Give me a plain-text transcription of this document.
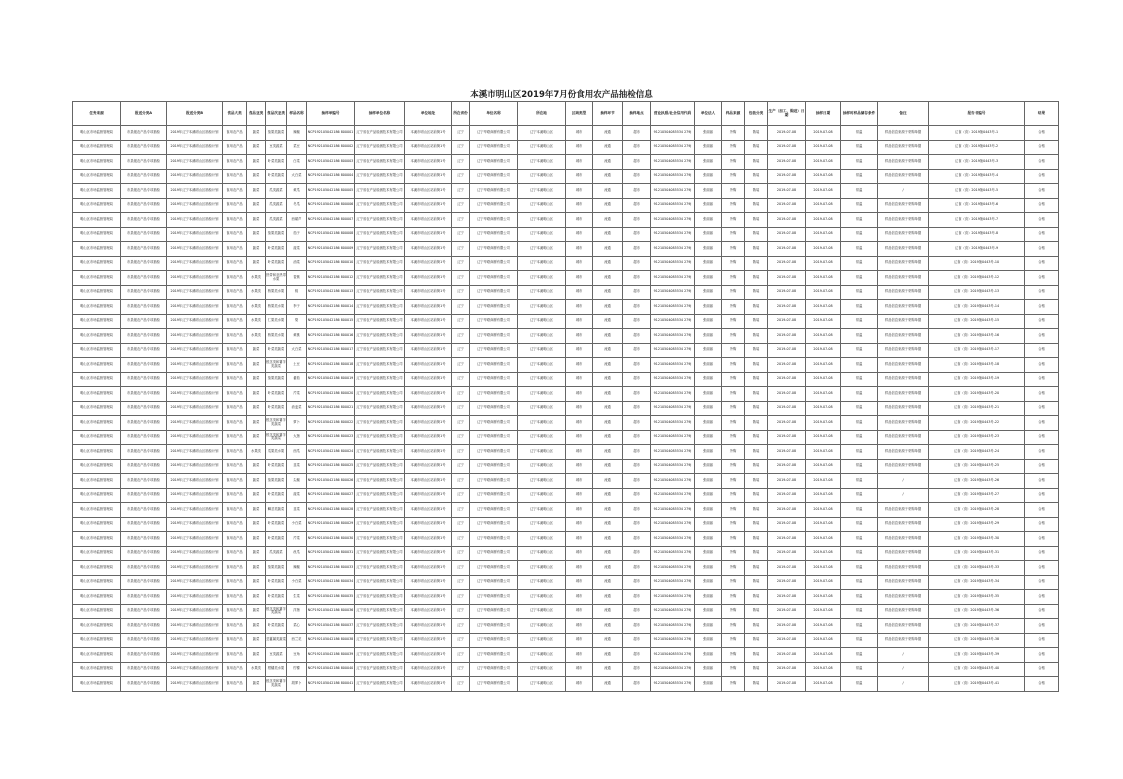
本溪市明山区2019年7月份食用农产品抽检信息
任务来源	报送分类A	报送分类B	食品大类	食品亚类	食品次亚类	样品名称	抽样单编号	抽样单位名称	单位地址	所在省份	单位名称	所在地	区域类型	抽样环节	抽样地点	营业执照/社会信用代码	单位法人	样品来源	包装分类	生产（加工、购进）日期	抽样日期	抽样时样品储存条件	备注	报告书编号	结果
明山区市场监督管理局	市县级农产品专项抽检	2019年辽宁本溪明山区抽检计划	食用农产品	蔬菜	茄果类蔬菜	辣椒	NCP192105042186 800001	辽宁省农产品检测技术有限公司	本溪市明山区站前街1号	辽宁	辽宁华联商厦有限公司	辽宁本溪明山区	城市	流通	超市	91210504085534 279J	张丽丽	外购	散装	2019-07-08	2019-07-08	常温	样品信息来源于采购单据	辽食（食）2019抽0443号-1	合格
明山区市场监督管理局	市县级农产品专项抽检	2019年辽宁本溪明山区抽检计划	食用农产品	蔬菜	豆类蔬菜	菜豆	NCP192105042186 800002	辽宁省农产品检测技术有限公司	本溪市明山区站前街1号	辽宁	辽宁华联商厦有限公司	辽宁本溪明山区	城市	流通	超市	91210504085534 279J	张丽丽	外购	散装	2019-07-08	2019-07-08	常温	样品信息来源于采购单据	辽食（食）2019抽0443号-2	合格
明山区市场监督管理局	市县级农产品专项抽检	2019年辽宁本溪明山区抽检计划	食用农产品	蔬菜	叶菜类蔬菜	白菜	NCP192105042186 800003	辽宁省农产品检测技术有限公司	本溪市明山区站前街1号	辽宁	辽宁华联商厦有限公司	辽宁本溪明山区	城市	流通	超市	91210504085534 279J	张丽丽	外购	散装	2019-07-08	2019-07-08	常温	样品信息来源于采购单据	辽食（食）2019抽0443号-3	合格
明山区市场监督管理局	市县级农产品专项抽检	2019年辽宁本溪明山区抽检计划	食用农产品	蔬菜	叶菜类蔬菜	大白菜	NCP192105042186 800004	辽宁省农产品检测技术有限公司	本溪市明山区站前街1号	辽宁	辽宁华联商厦有限公司	辽宁本溪明山区	城市	流通	超市	91210504085534 279J	张丽丽	外购	散装	2019-07-08	2019-07-08	常温	样品信息来源于采购单据	辽食（食）2019抽0443号-4	合格
明山区市场监督管理局	市县级农产品专项抽检	2019年辽宁本溪明山区抽检计划	食用农产品	蔬菜	瓜类蔬菜	黄瓜	NCP192105042186 800005	辽宁省农产品检测技术有限公司	本溪市明山区站前街1号	辽宁	辽宁华联商厦有限公司	辽宁本溪明山区	城市	流通	超市	91210504085534 279J	张丽丽	外购	散装	2019-07-08	2019-07-08	常温	/	辽食（食）2019抽0443号-5	合格
明山区市场监督管理局	市县级农产品专项抽检	2019年辽宁本溪明山区抽检计划	食用农产品	蔬菜	瓜类蔬菜	冬瓜	NCP192105042186 800006	辽宁省农产品检测技术有限公司	本溪市明山区站前街1号	辽宁	辽宁华联商厦有限公司	辽宁本溪明山区	城市	流通	超市	91210504085534 279J	张丽丽	外购	散装	2019-07-08	2019-07-08	常温	样品信息来源于采购单据	辽食（食）2019抽0443号-6	合格
明山区市场监督管理局	市县级农产品专项抽检	2019年辽宁本溪明山区抽检计划	食用农产品	蔬菜	瓜类蔬菜	西葫芦	NCP192105042186 800007	辽宁省农产品检测技术有限公司	本溪市明山区站前街1号	辽宁	辽宁华联商厦有限公司	辽宁本溪明山区	城市	流通	超市	91210504085534 279J	张丽丽	外购	散装	2019-07-08	2019-07-08	常温	样品信息来源于采购单据	辽食（食）2019抽0443号-7	合格
明山区市场监督管理局	市县级农产品专项抽检	2019年辽宁本溪明山区抽检计划	食用农产品	蔬菜	茄果类蔬菜	茄子	NCP192105042186 800008	辽宁省农产品检测技术有限公司	本溪市明山区站前街1号	辽宁	辽宁华联商厦有限公司	辽宁本溪明山区	城市	流通	超市	91210504085534 279J	张丽丽	外购	散装	2019-07-08	2019-07-08	常温	样品信息来源于采购单据	辽食（食）2019抽0443号-8	合格
明山区市场监督管理局	市县级农产品专项抽检	2019年辽宁本溪明山区抽检计划	食用农产品	蔬菜	叶菜类蔬菜	菠菜	NCP192105042186 800009	辽宁省农产品检测技术有限公司	本溪市明山区站前街1号	辽宁	辽宁华联商厦有限公司	辽宁本溪明山区	城市	流通	超市	91210504085534 279J	张丽丽	外购	散装	2019-07-08	2019-07-08	常温	样品信息来源于采购单据	辽食（食）2019抽0443号-9	合格
明山区市场监督管理局	市县级农产品专项抽检	2019年辽宁本溪明山区抽检计划	食用农产品	蔬菜	叶菜类蔬菜	油菜	NCP192105042186 800010	辽宁省农产品检测技术有限公司	本溪市明山区站前街1号	辽宁	辽宁华联商厦有限公司	辽宁本溪明山区	城市	流通	超市	91210504085534 279J	张丽丽	外购	散装	2019-07-08	2019-07-08	常温	样品信息来源于采购单据	辽食（食）2019抽0443号-10	合格
明山区市场监督管理局	市县级农产品专项抽检	2019年辽宁本溪明山区抽检计划	食用农产品	水果类	热带和亚热带水果	香蕉	NCP192105042186 800012	辽宁省农产品检测技术有限公司	本溪市明山区站前街1号	辽宁	辽宁华联商厦有限公司	辽宁本溪明山区	城市	流通	超市	91210504085534 279J	张丽丽	外购	散装	2019-07-08	2019-07-08	常温	样品信息来源于采购单据	辽食（食）2019抽0443号-12	合格
明山区市场监督管理局	市县级农产品专项抽检	2019年辽宁本溪明山区抽检计划	食用农产品	水果类	核果类水果	桃	NCP192105042186 800013	辽宁省农产品检测技术有限公司	本溪市明山区站前街1号	辽宁	辽宁华联商厦有限公司	辽宁本溪明山区	城市	流通	超市	91210504085534 279J	张丽丽	外购	散装	2019-07-08	2019-07-08	常温	样品信息来源于采购单据	辽食（食）2019抽0443号-13	合格
明山区市场监督管理局	市县级农产品专项抽检	2019年辽宁本溪明山区抽检计划	食用农产品	水果类	核果类水果	李子	NCP192105042186 800014	辽宁省农产品检测技术有限公司	本溪市明山区站前街1号	辽宁	辽宁华联商厦有限公司	辽宁本溪明山区	城市	流通	超市	91210504085534 279J	张丽丽	外购	散装	2019-07-08	2019-07-08	常温	样品信息来源于采购单据	辽食（食）2019抽0443号-14	合格
明山区市场监督管理局	市县级农产品专项抽检	2019年辽宁本溪明山区抽检计划	食用农产品	水果类	仁果类水果	梨	NCP192105042186 800015	辽宁省农产品检测技术有限公司	本溪市明山区站前街1号	辽宁	辽宁华联商厦有限公司	辽宁本溪明山区	城市	流通	超市	91210504085534 279J	张丽丽	外购	散装	2019-07-08	2019-07-08	常温	样品信息来源于采购单据	辽食（食）2019抽0443号-15	合格
明山区市场监督管理局	市县级农产品专项抽检	2019年辽宁本溪明山区抽检计划	食用农产品	水果类	核果类水果	黄桃	NCP192105042186 800016	辽宁省农产品检测技术有限公司	本溪市明山区站前街1号	辽宁	辽宁华联商厦有限公司	辽宁本溪明山区	城市	流通	超市	91210504085534 279J	张丽丽	外购	散装	2019-07-08	2019-07-08	常温	样品信息来源于采购单据	辽食（食）2019抽0443号-16	合格
明山区市场监督管理局	市县级农产品专项抽检	2019年辽宁本溪明山区抽检计划	食用农产品	蔬菜	叶菜类蔬菜	大白菜	NCP192105042186 800017	辽宁省农产品检测技术有限公司	本溪市明山区站前街1号	辽宁	辽宁华联商厦有限公司	辽宁本溪明山区	城市	流通	超市	91210504085534 279J	张丽丽	外购	散装	2019-07-08	2019-07-08	常温	样品信息来源于采购单据	辽食（食）2019抽0443号-17	合格
明山区市场监督管理局	市县级农产品专项抽检	2019年辽宁本溪明山区抽检计划	食用农产品	蔬菜	根茎类和薯芋类蔬菜	土豆	NCP192105042186 800018	辽宁省农产品检测技术有限公司	本溪市明山区站前街1号	辽宁	辽宁华联商厦有限公司	辽宁本溪明山区	城市	流通	超市	91210504085534 279J	张丽丽	外购	散装	2019-07-08	2019-07-08	常温	样品信息来源于采购单据	辽食（食）2019抽0443号-18	合格
明山区市场监督管理局	市县级农产品专项抽检	2019年辽宁本溪明山区抽检计划	食用农产品	蔬菜	茄果类蔬菜	番茄	NCP192105042186 800019	辽宁省农产品检测技术有限公司	本溪市明山区站前街1号	辽宁	辽宁华联商厦有限公司	辽宁本溪明山区	城市	流通	超市	91210504085534 279J	张丽丽	外购	散装	2019-07-08	2019-07-08	常温	样品信息来源于采购单据	辽食（食）2019抽0443号-19	合格
明山区市场监督管理局	市县级农产品专项抽检	2019年辽宁本溪明山区抽检计划	食用农产品	蔬菜	叶菜类蔬菜	芹菜	NCP192105042186 800020	辽宁省农产品检测技术有限公司	本溪市明山区站前街1号	辽宁	辽宁华联商厦有限公司	辽宁本溪明山区	城市	流通	超市	91210504085534 279J	张丽丽	外购	散装	2019-07-08	2019-07-08	常温	样品信息来源于采购单据	辽食（食）2019抽0443号-20	合格
明山区市场监督管理局	市县级农产品专项抽检	2019年辽宁本溪明山区抽检计划	食用农产品	蔬菜	叶菜类蔬菜	油麦菜	NCP192105042186 800021	辽宁省农产品检测技术有限公司	本溪市明山区站前街1号	辽宁	辽宁华联商厦有限公司	辽宁本溪明山区	城市	流通	超市	91210504085534 279J	张丽丽	外购	散装	2019-07-08	2019-07-08	常温	样品信息来源于采购单据	辽食（食）2019抽0443号-21	合格
明山区市场监督管理局	市县级农产品专项抽检	2019年辽宁本溪明山区抽检计划	食用农产品	蔬菜	根茎类和薯芋类蔬菜	萝卜	NCP192105042186 800022	辽宁省农产品检测技术有限公司	本溪市明山区站前街1号	辽宁	辽宁华联商厦有限公司	辽宁本溪明山区	城市	流通	超市	91210504085534 279J	张丽丽	外购	散装	2019-07-08	2019-07-08	常温	样品信息来源于采购单据	辽食（食）2019抽0443号-22	合格
明山区市场监督管理局	市县级农产品专项抽检	2019年辽宁本溪明山区抽检计划	食用农产品	蔬菜	根茎类和薯芋类蔬菜	大葱	NCP192105042186 800023	辽宁省农产品检测技术有限公司	本溪市明山区站前街1号	辽宁	辽宁华联商厦有限公司	辽宁本溪明山区	城市	流通	超市	91210504085534 279J	张丽丽	外购	散装	2019-07-08	2019-07-08	常温	样品信息来源于采购单据	辽食（食）2019抽0443号-23	合格
明山区市场监督管理局	市县级农产品专项抽检	2019年辽宁本溪明山区抽检计划	食用农产品	水果类	瓜果类水果	西瓜	NCP192105042186 800024	辽宁省农产品检测技术有限公司	本溪市明山区站前街1号	辽宁	辽宁华联商厦有限公司	辽宁本溪明山区	城市	流通	超市	91210504085534 279J	张丽丽	外购	散装	2019-07-08	2019-07-08	常温	样品信息来源于采购单据	辽食（食）2019抽0443号-24	合格
明山区市场监督管理局	市县级农产品专项抽检	2019年辽宁本溪明山区抽检计划	食用农产品	蔬菜	叶菜类蔬菜	韭菜	NCP192105042186 800025	辽宁省农产品检测技术有限公司	本溪市明山区站前街1号	辽宁	辽宁华联商厦有限公司	辽宁本溪明山区	城市	流通	超市	91210504085534 279J	张丽丽	外购	散装	2019-07-08	2019-07-08	常温	样品信息来源于采购单据	辽食（食）2019抽0443号-25	合格
明山区市场监督管理局	市县级农产品专项抽检	2019年辽宁本溪明山区抽检计划	食用农产品	蔬菜	茄果类蔬菜	尖椒	NCP192105042186 800026	辽宁省农产品检测技术有限公司	本溪市明山区站前街1号	辽宁	辽宁华联商厦有限公司	辽宁本溪明山区	城市	流通	超市	91210504085534 279J	张丽丽	外购	散装	2019-07-08	2019-07-08	常温	/	辽食（食）2019抽0443号-26	合格
明山区市场监督管理局	市县级农产品专项抽检	2019年辽宁本溪明山区抽检计划	食用农产品	蔬菜	叶菜类蔬菜	菠菜	NCP192105042186 800027	辽宁省农产品检测技术有限公司	本溪市明山区站前街1号	辽宁	辽宁华联商厦有限公司	辽宁本溪明山区	城市	流通	超市	91210504085534 279J	张丽丽	外购	散装	2019-07-08	2019-07-08	常温	/	辽食（食）2019抽0443号-27	合格
明山区市场监督管理局	市县级农产品专项抽检	2019年辽宁本溪明山区抽检计划	食用农产品	蔬菜	鳞茎类蔬菜	韭菜	NCP192105042186 800028	辽宁省农产品检测技术有限公司	本溪市明山区站前街1号	辽宁	辽宁华联商厦有限公司	辽宁本溪明山区	城市	流通	超市	91210504085534 279J	张丽丽	外购	散装	2019-07-08	2019-07-08	常温	样品信息来源于采购单据	辽食（食）2019抽0443号-28	合格
明山区市场监督管理局	市县级农产品专项抽检	2019年辽宁本溪明山区抽检计划	食用农产品	蔬菜	叶菜类蔬菜	小白菜	NCP192105042186 800029	辽宁省农产品检测技术有限公司	本溪市明山区站前街1号	辽宁	辽宁华联商厦有限公司	辽宁本溪明山区	城市	流通	超市	91210504085534 279J	张丽丽	外购	散装	2019-07-08	2019-07-08	常温	样品信息来源于采购单据	辽食（食）2019抽0443号-29	合格
明山区市场监督管理局	市县级农产品专项抽检	2019年辽宁本溪明山区抽检计划	食用农产品	蔬菜	叶菜类蔬菜	芹菜	NCP192105042186 800030	辽宁省农产品检测技术有限公司	本溪市明山区站前街1号	辽宁	辽宁华联商厦有限公司	辽宁本溪明山区	城市	流通	超市	91210504085534 279J	张丽丽	外购	散装	2019-07-08	2019-07-08	常温	样品信息来源于采购单据	辽食（食）2019抽0443号-30	合格
明山区市场监督管理局	市县级农产品专项抽检	2019年辽宁本溪明山区抽检计划	食用农产品	蔬菜	瓜类蔬菜	丝瓜	NCP192105042186 800031	辽宁省农产品检测技术有限公司	本溪市明山区站前街1号	辽宁	辽宁华联商厦有限公司	辽宁本溪明山区	城市	流通	超市	91210504085534 279J	张丽丽	外购	散装	2019-07-08	2019-07-08	常温	样品信息来源于采购单据	辽食（食）2019抽0443号-31	合格
明山区市场监督管理局	市县级农产品专项抽检	2019年辽宁本溪明山区抽检计划	食用农产品	蔬菜	茄果类蔬菜	辣椒	NCP192105042186 800033	辽宁省农产品检测技术有限公司	本溪市明山区站前街1号	辽宁	辽宁华联商厦有限公司	辽宁本溪明山区	城市	流通	超市	91210504085534 279J	张丽丽	外购	散装	2019-07-08	2019-07-08	常温	样品信息来源于采购单据	辽食（食）2019抽0443号-33	合格
明山区市场监督管理局	市县级农产品专项抽检	2019年辽宁本溪明山区抽检计划	食用农产品	蔬菜	叶菜类蔬菜	小白菜	NCP192105042186 800034	辽宁省农产品检测技术有限公司	本溪市明山区站前街1号	辽宁	辽宁华联商厦有限公司	辽宁本溪明山区	城市	流通	超市	91210504085534 279J	张丽丽	外购	散装	2019-07-08	2019-07-08	常温	样品信息来源于采购单据	辽食（食）2019抽0443号-34	合格
明山区市场监督管理局	市县级农产品专项抽检	2019年辽宁本溪明山区抽检计划	食用农产品	蔬菜	叶菜类蔬菜	生菜	NCP192105042186 800035	辽宁省农产品检测技术有限公司	本溪市明山区站前街1号	辽宁	辽宁华联商厦有限公司	辽宁本溪明山区	城市	流通	超市	91210504085534 279J	张丽丽	外购	散装	2019-07-08	2019-07-08	常温	样品信息来源于采购单据	辽食（食）2019抽0443号-35	合格
明山区市场监督管理局	市县级农产品专项抽检	2019年辽宁本溪明山区抽检计划	食用农产品	蔬菜	根茎类和薯芋类蔬菜	洋葱	NCP192105042186 800036	辽宁省农产品检测技术有限公司	本溪市明山区站前街1号	辽宁	辽宁华联商厦有限公司	辽宁本溪明山区	城市	流通	超市	91210504085534 279J	张丽丽	外购	散装	2019-07-08	2019-07-08	常温	样品信息来源于采购单据	辽食（食）2019抽0443号-36	合格
明山区市场监督管理局	市县级农产品专项抽检	2019年辽宁本溪明山区抽检计划	食用农产品	蔬菜	叶菜类蔬菜	菜心	NCP192105042186 800037	辽宁省农产品检测技术有限公司	本溪市明山区站前街1号	辽宁	辽宁华联商厦有限公司	辽宁本溪明山区	城市	流通	超市	91210504085534 279J	张丽丽	外购	散装	2019-07-08	2019-07-08	常温	样品信息来源于采购单据	辽食（食）2019抽0443号-37	合格
明山区市场监督管理局	市县级农产品专项抽检	2019年辽宁本溪明山区抽检计划	食用农产品	蔬菜	芸薹属类蔬菜	西兰花	NCP192105042186 800038	辽宁省农产品检测技术有限公司	本溪市明山区站前街1号	辽宁	辽宁华联商厦有限公司	辽宁本溪明山区	城市	流通	超市	91210504085534 279J	张丽丽	外购	散装	2019-07-08	2019-07-08	常温	样品信息来源于采购单据	辽食（食）2019抽0443号-38	合格
明山区市场监督管理局	市县级农产品专项抽检	2019年辽宁本溪明山区抽检计划	食用农产品	蔬菜	豆类蔬菜	豆角	NCP192105042186 800039	辽宁省农产品检测技术有限公司	本溪市明山区站前街1号	辽宁	辽宁华联商厦有限公司	辽宁本溪明山区	城市	流通	超市	91210504085534 279J	张丽丽	外购	散装	2019-07-08	2019-07-08	常温	/	辽食（食）2019抽0443号-39	合格
明山区市场监督管理局	市县级农产品专项抽检	2019年辽宁本溪明山区抽检计划	食用农产品	水果类	柑橘类水果	柠檬	NCP192105042186 800040	辽宁省农产品检测技术有限公司	本溪市明山区站前街1号	辽宁	辽宁华联商厦有限公司	辽宁本溪明山区	城市	流通	超市	91210504085534 279J	张丽丽	外购	散装	2019-07-08	2019-07-08	常温	/	辽食（食）2019抽0443号-40	合格
明山区市场监督管理局	市县级农产品专项抽检	2019年辽宁本溪明山区抽检计划	食用农产品	蔬菜	根茎类和薯芋类蔬菜	胡萝卜	NCP192105042186 800041	辽宁省农产品检测技术有限公司	本溪市明山区站前街1号	辽宁	辽宁华联商厦有限公司	辽宁本溪明山区	城市	流通	超市	91210504085534 279J	张丽丽	外购	散装	2019-07-08	2019-07-08	常温	/	辽食（食）2019抽0443号-41	合格
